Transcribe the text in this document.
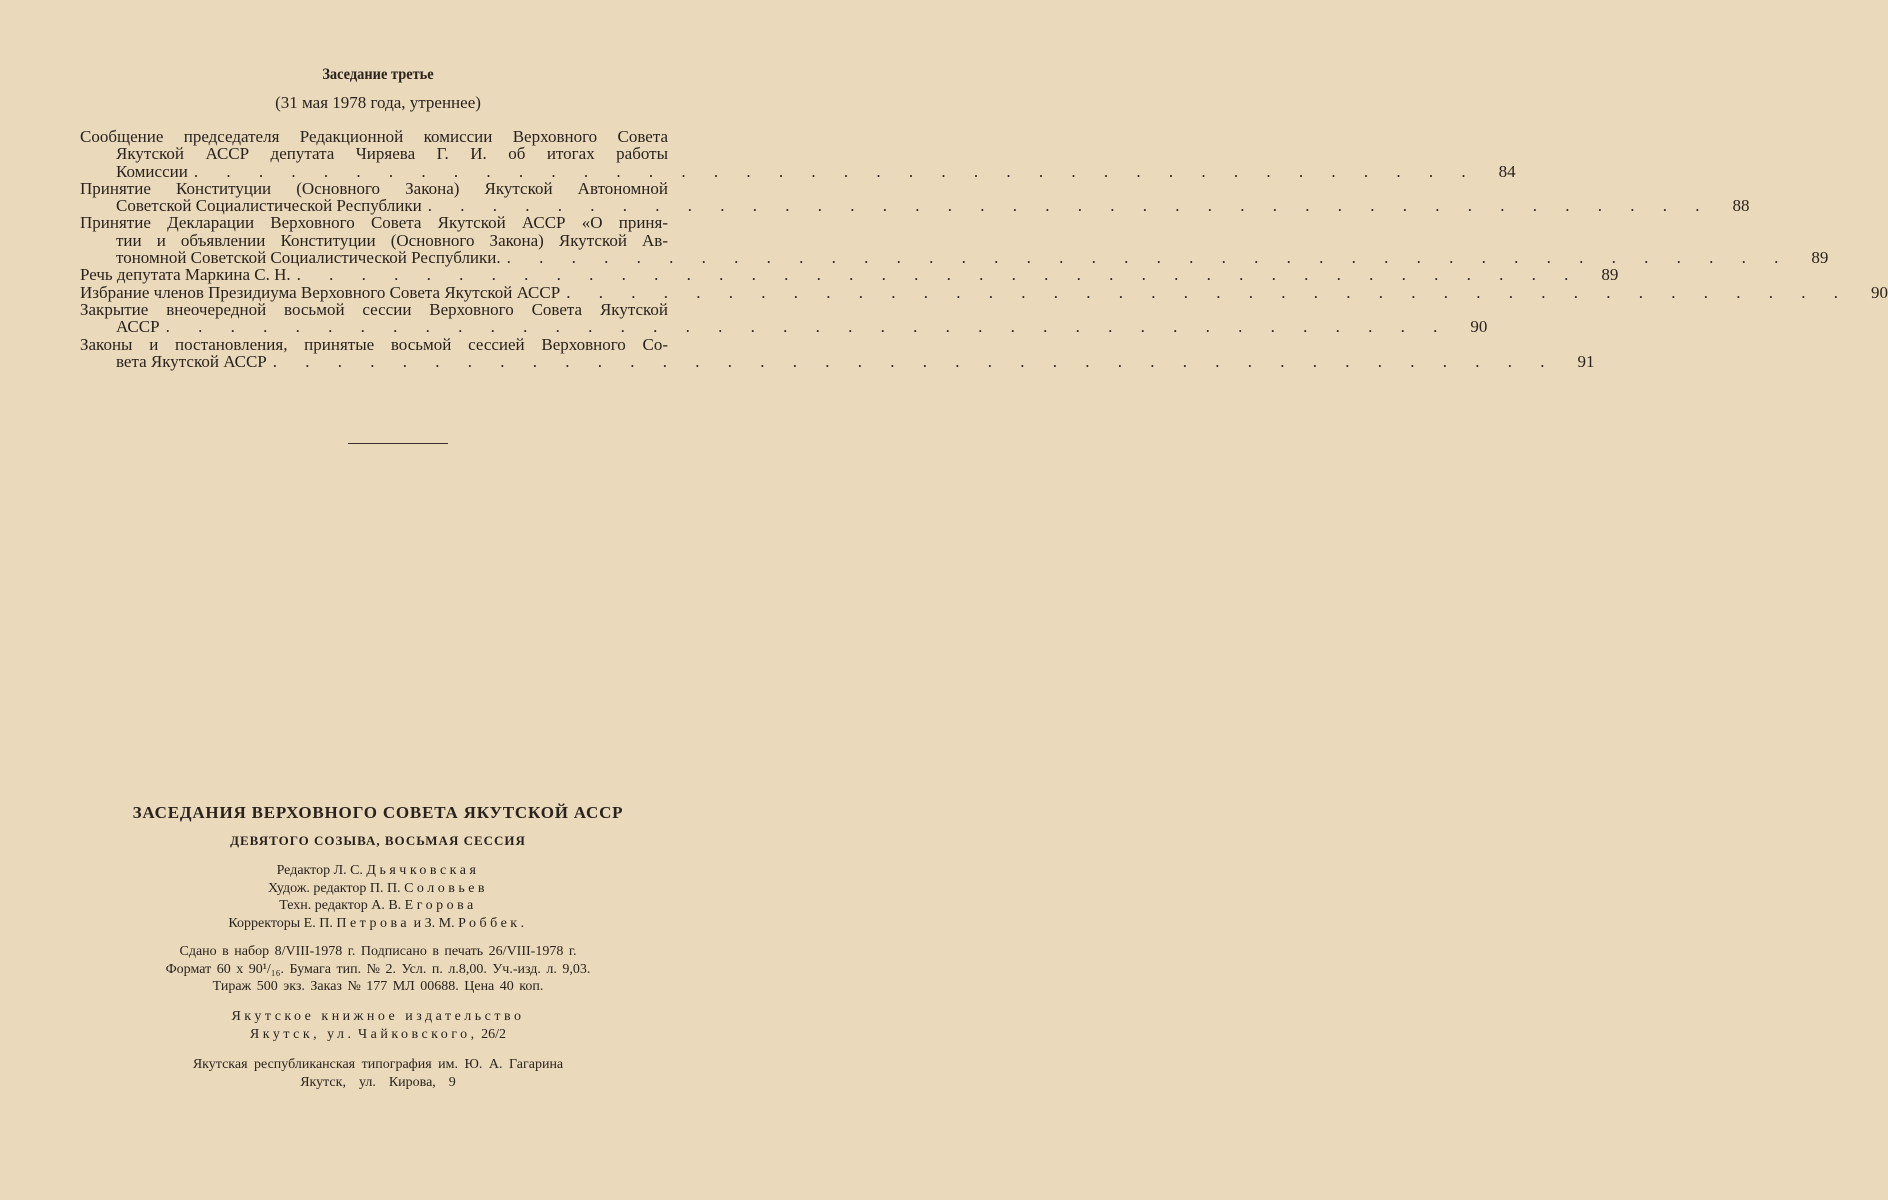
Заседание третье
(31 мая 1978 года, утреннее)
Сообщение председателя Редакционной комиссии Верховного Совета
Якутской АССР депутата Чиряева Г. И. об итогах работы
Комиссии . . . . . . . . . . . . . . . . . . . . . . . . . . . . . . . . . . . . . . . .	84
Принятие Конституции (Основного Закона) Якутской Автономной
Советской Социалистической Республики . . . . . . . . . . . . . . . . . . . . . . . . . . . . . . . . . . . . . . . .	88
Принятие Декларации Верховного Совета Якутской АССР «О приня-
тии и объявлении Конституции (Основного Закона) Якутской Ав-
тономной Советской Социалистической Республики. . . . . . . . . . . . . . . . . . . . . . . . . . . . . . . . . . . . . . . . .	89
Речь депутата Маркина С. Н. . . . . . . . . . . . . . . . . . . . . . . . . . . . . . . . . . . . . . . . .	89
Избрание членов Президиума Верховного Совета Якутской АССР . . . . . . . . . . . . . . . . . . . . . . . . . . . . . . . . . . . . . . . .	90
Закрытие внеочередной восьмой сессии Верховного Совета Якутской
АССР . . . . . . . . . . . . . . . . . . . . . . . . . . . . . . . . . . . . . . . .	90
Законы и постановления, принятые восьмой сессией Верховного Со-
вета Якутской АССР . . . . . . . . . . . . . . . . . . . . . . . . . . . . . . . . . . . . . . . .	91
ЗАСЕДАНИЯ ВЕРХОВНОГО СОВЕТА ЯКУТСКОЙ АССР
ДЕВЯТОГО СОЗЫВА, ВОСЬМАЯ СЕССИЯ
Редактор Л. С. Дьячковская
Худож. редактор П. П. Соловьев
Техн. редактор А. В. Егорова
Корректоры Е. П. Петрова и З. М. Роббек.
Сдано в набор 8/VIII-1978 г. Подписано в печать 26/VIII-1978 г.
Формат 60 x 90¹/₁₆. Бумага тип. № 2. Усл. п. л.8,00. Уч.-изд. л. 9,03.
Тираж 500 экз. Заказ № 177 МЛ 00688. Цена 40 коп.
Якутское книжное издательство
Якутск, ул. Чайковского, 26/2
Якутская республиканская типография им. Ю. А. Гагарина
Якутск,  ул.  Кирова,  9
